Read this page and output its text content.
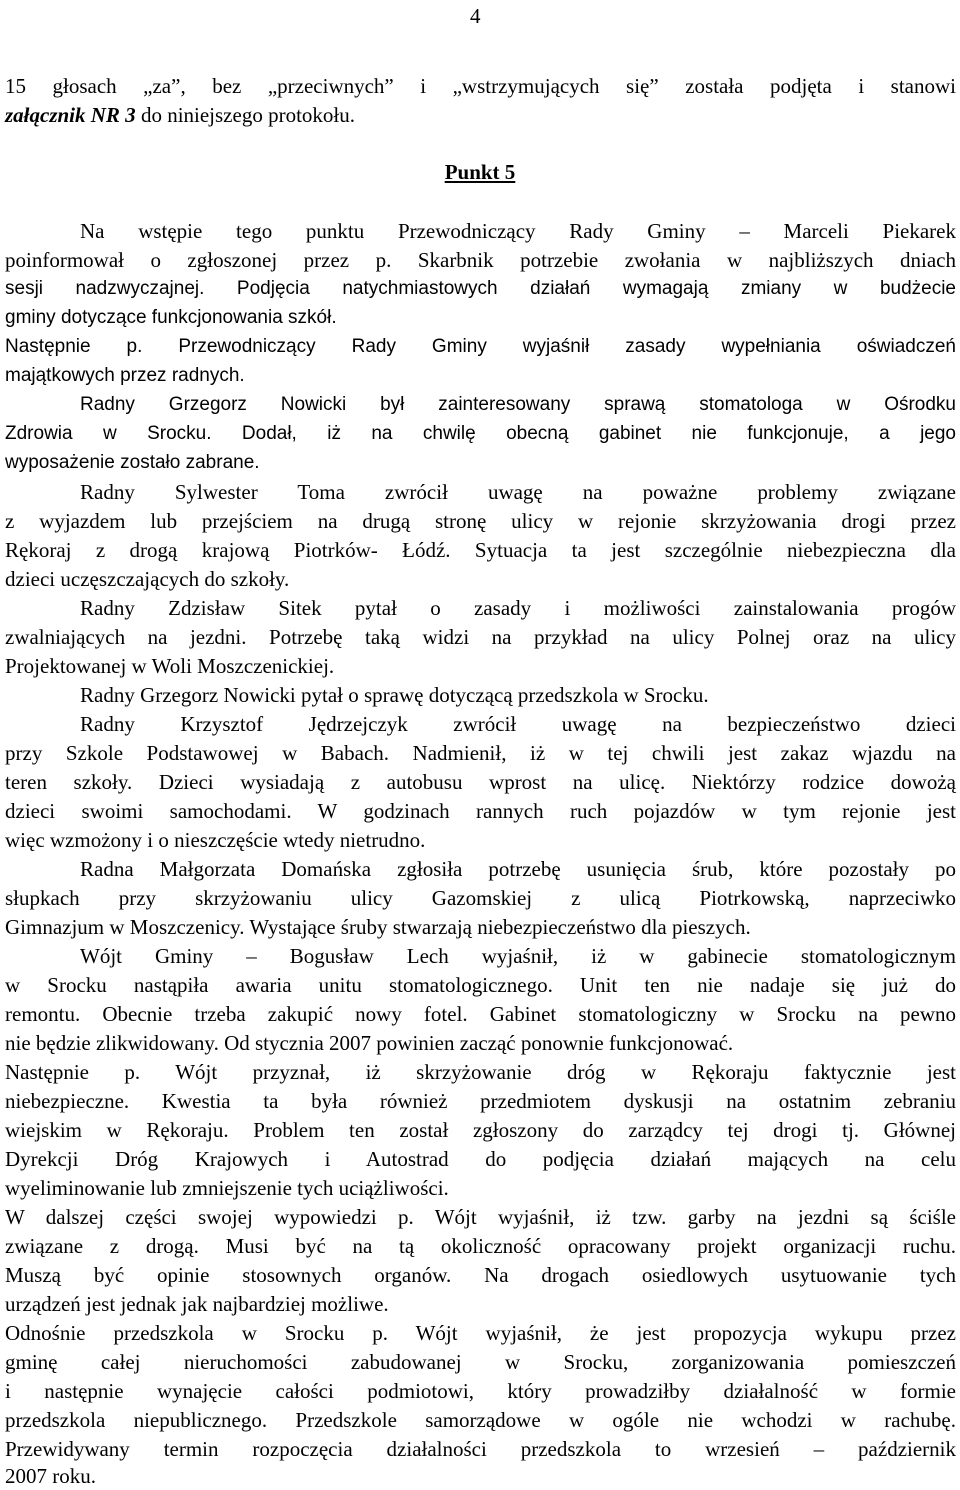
4
15 głosach „za”, bez „przeciwnych” i „wstrzymujących się” została podjęta i stanowi
załącznik NR 3 do niniejszego protokołu.
Punkt 5
Na wstępie tego punktu Przewodniczący Rady Gminy – Marceli Piekarek
poinformował o zgłoszonej przez p. Skarbnik potrzebie zwołania w najbliższych dniach
sesji nadzwyczajnej. Podjęcia natychmiastowych działań wymagają zmiany w budżecie
gminy dotyczące funkcjonowania szkół.
Następnie p. Przewodniczący Rady Gminy wyjaśnił zasady wypełniania oświadczeń
majątkowych przez radnych.
Radny Grzegorz Nowicki był zainteresowany sprawą stomatologa w Ośrodku
Zdrowia w Srocku. Dodał, iż na chwilę obecną gabinet nie funkcjonuje, a jego
wyposażenie zostało zabrane.
Radny Sylwester Toma zwrócił uwagę na poważne problemy związane
z wyjazdem lub przejściem na drugą stronę ulicy w rejonie skrzyżowania drogi przez
Rękoraj z drogą krajową Piotrków- Łódź. Sytuacja ta jest szczególnie niebezpieczna dla
dzieci uczęszczających do szkoły.
Radny Zdzisław Sitek pytał o zasady i możliwości zainstalowania progów
zwalniających na jezdni. Potrzebę taką widzi na przykład na ulicy Polnej oraz na ulicy
Projektowanej w Woli Moszczenickiej.
Radny Grzegorz Nowicki pytał o sprawę dotyczącą przedszkola w Srocku.
Radny Krzysztof Jędrzejczyk zwrócił uwagę na bezpieczeństwo dzieci
przy Szkole Podstawowej w Babach. Nadmienił, iż w tej chwili jest zakaz wjazdu na
teren szkoły. Dzieci wysiadają z autobusu wprost na ulicę. Niektórzy rodzice dowożą
dzieci swoimi samochodami. W godzinach rannych ruch pojazdów w tym rejonie jest
więc wzmożony i o nieszczęście wtedy nietrudno.
Radna Małgorzata Domańska zgłosiła potrzebę usunięcia śrub, które pozostały po
słupkach przy skrzyżowaniu ulicy Gazomskiej z ulicą Piotrkowską, naprzeciwko
Gimnazjum w Moszczenicy. Wystające śruby stwarzają niebezpieczeństwo dla pieszych.
Wójt Gminy – Bogusław Lech wyjaśnił, iż w gabinecie stomatologicznym
w Srocku nastąpiła awaria unitu stomatologicznego. Unit ten nie nadaje się już do
remontu. Obecnie trzeba zakupić nowy fotel. Gabinet stomatologiczny w Srocku na pewno
nie będzie zlikwidowany. Od stycznia 2007 powinien zacząć ponownie funkcjonować.
Następnie p. Wójt przyznał, iż skrzyżowanie dróg w Rękoraju faktycznie jest
niebezpieczne. Kwestia ta była również przedmiotem dyskusji na ostatnim zebraniu
wiejskim w Rękoraju. Problem ten został zgłoszony do zarządcy tej drogi tj. Głównej
Dyrekcji Dróg Krajowych i Autostrad do podjęcia działań mających na celu
wyeliminowanie lub zmniejszenie tych uciążliwości.
W dalszej części swojej wypowiedzi p. Wójt wyjaśnił, iż tzw. garby na jezdni są ściśle
związane z drogą. Musi być na tą okoliczność opracowany projekt organizacji ruchu.
Muszą być opinie stosownych organów. Na drogach osiedlowych usytuowanie tych
urządzeń jest jednak jak najbardziej możliwe.
Odnośnie przedszkola w Srocku p. Wójt wyjaśnił, że jest propozycja wykupu przez
gminę całej nieruchomości zabudowanej w Srocku, zorganizowania pomieszczeń
i następnie wynajęcie całości podmiotowi, który prowadziłby działalność w formie
przedszkola niepublicznego. Przedszkole samorządowe w ogóle nie wchodzi w rachubę.
Przewidywany termin rozpoczęcia działalności przedszkola to wrzesień – październik
2007 roku.
